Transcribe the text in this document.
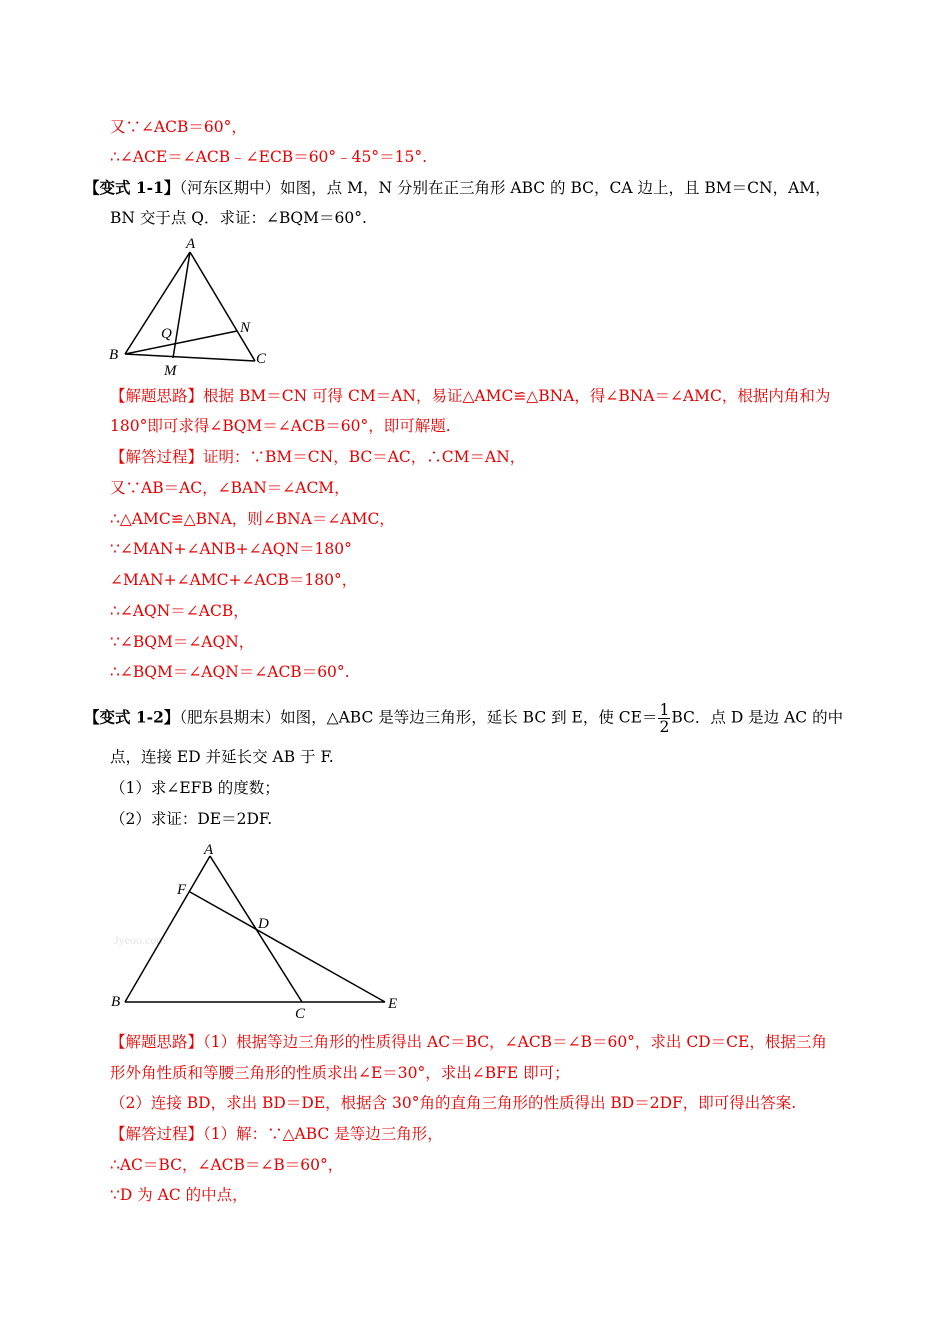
又∵∠ACB＝60°，
∴∠ACE＝∠ACB﹣∠ECB＝60°﹣45°＝15°.
【变式 1-1】（河东区期中）如图，点 M，N 分别在正三角形 ABC 的 BC，CA 边上，且 BM＝CN，AM，
BN 交于点 Q．求证：∠BQM＝60°.
A
B	C
M
N
Q
【解题思路】根据 BM＝CN 可得 CM＝AN，易证△AMC≌△BNA，得∠BNA＝∠AMC，根据内角和为
180°即可求得∠BQM＝∠ACB＝60°，即可解题.
【解答过程】证明：∵BM＝CN，BC＝AC，∴CM＝AN，
又∵AB＝AC，∠BAN＝∠ACM，
∴△AMC≌△BNA，则∠BNA＝∠AMC，
∵∠MAN+∠ANB+∠AQN＝180°
∠MAN+∠AMC+∠ACB＝180°，
∴∠AQN＝∠ACB，
∵∠BQM＝∠AQN，
∴∠BQM＝∠AQN＝∠ACB＝60°.
【变式 1-2】（肥东县期末）如图，△ABC 是等边三角形，延长 BC 到 E，使 $CE= \frac{1}{2}$ BC．点 D 是边 AC 的中
点，连接 ED 并延长交 AB 于 F.
（1）求∠EFB 的度数；
（2）求证：DE＝2DF.
Jyeoo.com
A
B
C
D
E
F
【解题思路】（1）根据等边三角形的性质得出 AC＝BC，∠ACB＝∠B＝60°，求出 CD＝CE，根据三角
形外角性质和等腰三角形的性质求出∠E＝30°，求出∠BFE 即可；
（2）连接 BD，求出 BD＝DE，根据含 30°角的直角三角形的性质得出 BD＝2DF，即可得出答案.
【解答过程】（1）解：∵△ABC 是等边三角形，
∴AC＝BC，∠ACB＝∠B＝60°，
∵D 为 AC 的中点，
